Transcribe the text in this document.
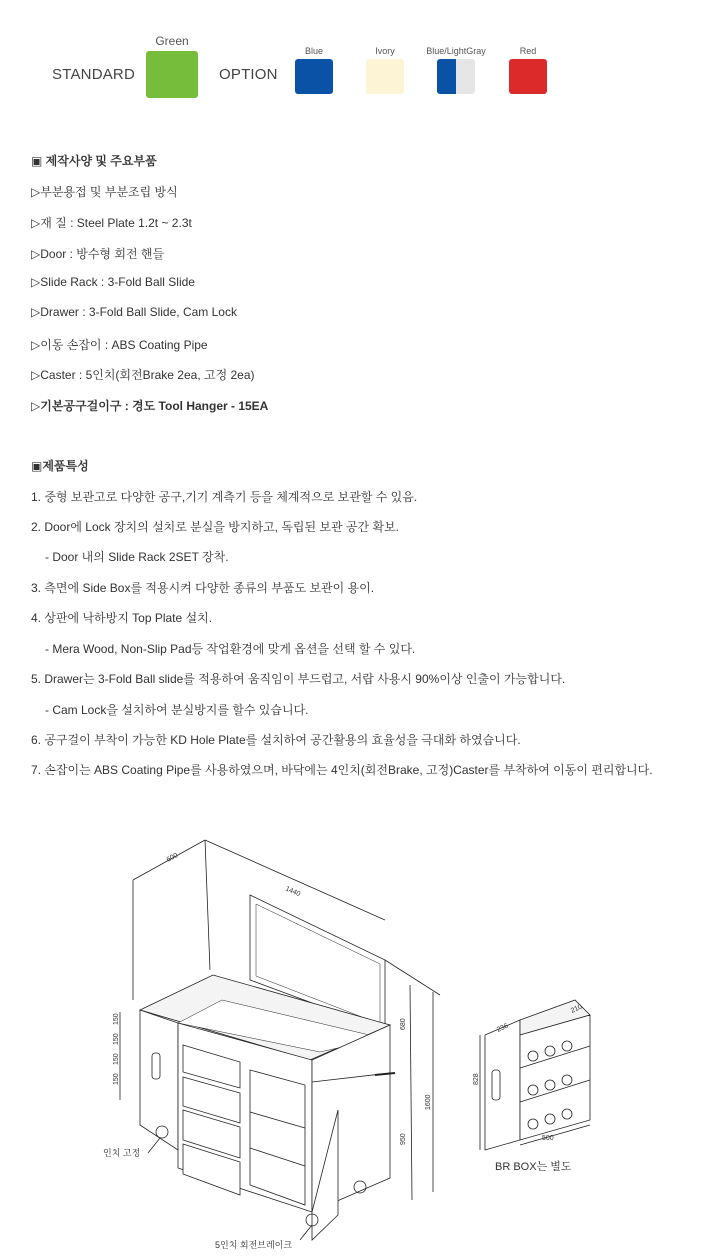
STANDARD
Green
OPTION
Blue	Ivory	Blue/LightGray	Red
▣ 제작사양 및 주요부품
▷부분용접 및 부분조립 방식
▷재 질 : Steel Plate 1.2t ~ 2.3t
▷Door : 방수형 회전 핸들
▷Slide Rack : 3-Fold Ball Slide
▷Drawer : 3-Fold Ball Slide, Cam Lock
▷이동 손잡이 : ABS Coating Pipe
▷Caster : 5인치(회전Brake 2ea, 고정 2ea)
▷기본공구걸이구 : 경도 Tool Hanger - 15EA
▣제품특성
1. 중형 보관고로 다양한 공구,기기 계측기 등을 체계적으로 보관할 수 있음.
2. Door에 Lock 장치의 설치로 분실을 방지하고, 독립된 보관 공간 확보.
- Door 내의 Slide Rack 2SET 장착.
3. 측면에 Side Box를 적용시켜 다양한 종류의 부품도 보관이 용이.
4. 상판에 낙하방지 Top Plate 설치.
- Mera Wood, Non-Slip Pad등 작업환경에 맞게 옵션을 선택 할 수 있다.
5. Drawer는 3-Fold Ball slide를 적용하여 움직임이 부드럽고, 서랍 사용시 90%이상 인출이 가능합니다.
- Cam Lock을 설치하여 분실방지를 할수 있습니다.
6. 공구걸이 부착이 가능한 KD Hole Plate를 설치하여 공간활용의 효율성을 극대화 하였습니다.
7. 손잡이는 ABS Coating Pipe를 사용하였으며, 바닥에는 4인치(회전Brake, 고정)Caster를 부착하여 이동이 편리합니다.
600
1440
680
1600
950
150
150
150
150
236
210
828
500
인치 고정
5인치 회전브레이크
BR BOX는 별도
